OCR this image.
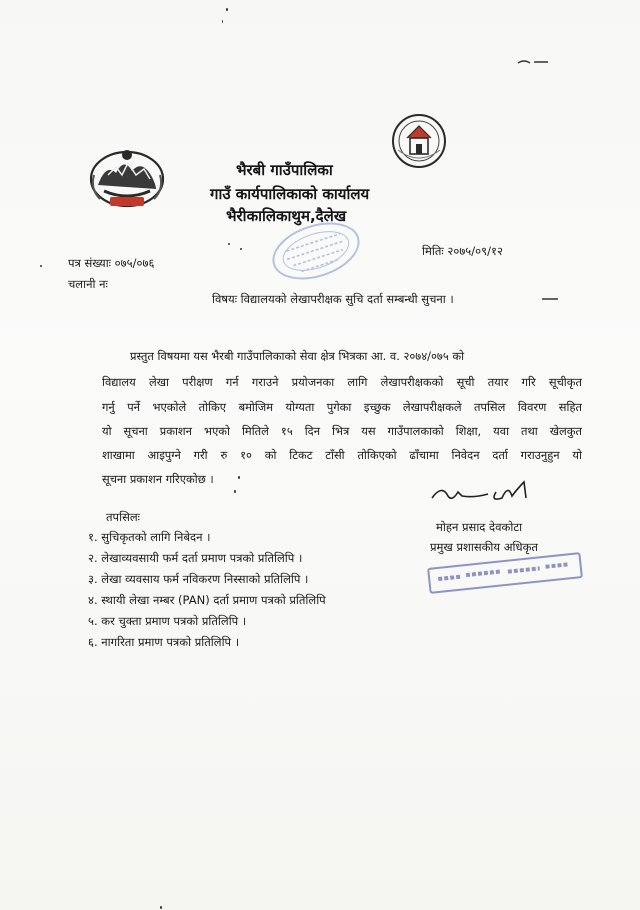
भैरबी गाउँपालिका
गाउँ कार्यपालिकाको कार्यालय
भैरीकालिकाथुम,दैलेख
पत्र संख्याः ०७५/०७६
चलानी नः
मितिः २०७५/०९/१२
विषयः विद्यालयको लेखापरीक्षक सुचि दर्ता सम्बन्धी सुचना ।
प्रस्तुत विषयमा यस भैरबी गाउँपालिकाको सेवा क्षेत्र भित्रका आ. व. २०७४/०७५ को
विद्यालय लेखा परीक्षण गर्न गराउने प्रयोजनका लागि लेखापरीक्षकको सूची तयार गरि सूचीकृत
गर्नु पर्ने भएकोले तोकिए बमोजिम योग्यता पुगेका इच्छुक लेखापरीक्षकले तपसिल विवरण सहित
यो सूचना प्रकाशन भएको मितिले १५ दिन भित्र यस गाउँपालकाको शिक्षा, यवा तथा खेलकुत
शाखामा आइपुग्ने गरी रु १० को टिकट टाँसी तोकिएको ढाँचामा निवेदन दर्ता गराउनुहुन यो
सूचना प्रकाशन गरिएकोछ ।
तपसिलः
१. सुचिकृतको लागि निबेदन ।
२. लेखाव्यवसायी फर्म दर्ता प्रमाण पत्रको प्रतिलिपि ।
३. लेखा व्यवसाय फर्म नविकरण निस्साको प्रतिलिपि ।
४. स्थायी लेखा नम्बर (PAN) दर्ता प्रमाण पत्रको प्रतिलिपि
५. कर चुक्ता प्रमाण पत्रको प्रतिलिपि ।
६. नागरिता प्रमाण पत्रको प्रतिलिपि ।
मोहन प्रसाद देवकोटा
प्रमुख प्रशासकीय अधिकृत
